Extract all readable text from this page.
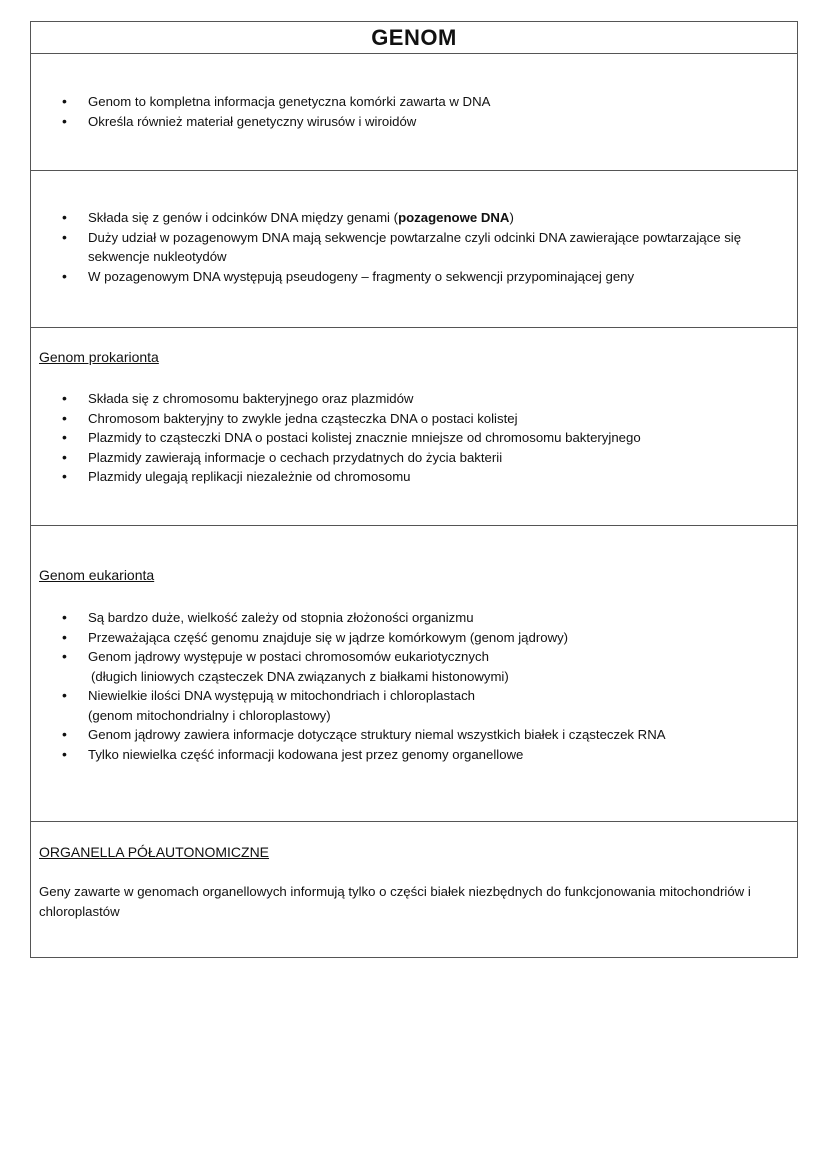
GENOM
• Genom to kompletna informacja genetyczna komórki zawarta w DNA
• Określa również materiał genetyczny wirusów i wiroidów
• Składa się z genów i odcinków DNA między genami (pozagenowe DNA)
• Duży udział w pozagenowym DNA mają sekwencje powtarzalne czyli odcinki DNA zawierające powtarzające się sekwencje nukleotydów
• W pozagenowym DNA występują pseudogeny – fragmenty o sekwencji przypominającej geny
Genom prokarionta
• Składa się z chromosomu bakteryjnego oraz plazmidów
• Chromosom bakteryjny to zwykle jedna cząsteczka DNA o postaci kolistej
• Plazmidy to cząsteczki DNA o postaci kolistej znacznie mniejsze od chromosomu bakteryjnego
• Plazmidy zawierają informacje o cechach przydatnych do życia bakterii
• Plazmidy ulegają replikacji niezależnie od chromosomu
Genom eukarionta
• Są bardzo duże, wielkość zależy od stopnia złożoności organizmu
• Przeważająca część genomu znajduje się w jądrze komórkowym (genom jądrowy)
• Genom jądrowy występuje w postaci chromosomów eukariotycznych
(długich liniowych cząsteczek DNA związanych z białkami histonowymi)
• Niewielkie ilości DNA występują w mitochondriach i chloroplastach
(genom mitochondrialny i chloroplastowy)
• Genom jądrowy zawiera informacje dotyczące struktury niemal wszystkich białek i cząsteczek RNA
• Tylko niewielka część informacji kodowana jest przez genomy organellowe
ORGANELLA PÓŁAUTONOMICZNE
Geny zawarte w genomach organellowych informują tylko o części białek niezbędnych do funkcjonowania mitochondriów i chloroplastów
